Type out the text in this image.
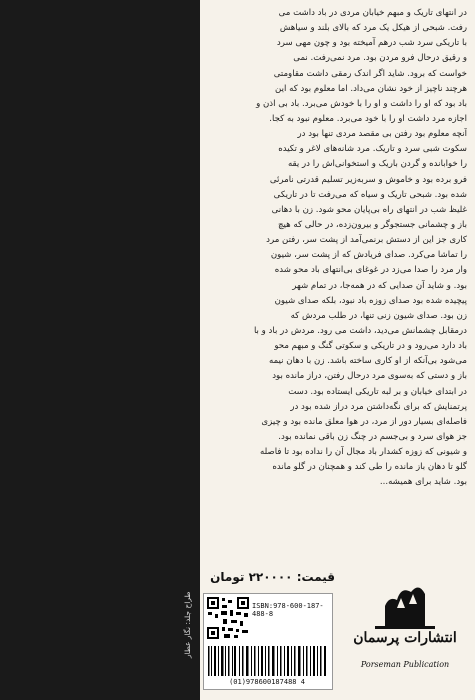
در انتهای تاریک و مبهم خیابان مردی در باد داشت می
رفت. شبحی از هیکل یک مرد که بالای بلند و سیاهش
با تاریکی سرد شب درهم آمیخته بود و چون مهی سرد
و رقیق درحال فرو مردن بود. مرد نمی‌رفت. نمی
خواست که برود. شاید اگر اندک رمقی داشت مقاومتی
هرچند ناچیز از خود نشان می‌داد. اما معلوم بود که این
باد بود که او را داشت و او را با خودش می‌برد. باد بی اذن و
اجازه مرد داشت او را با خود می‌برد. معلوم نبود به کجا.
آنچه معلوم بود رفتن بی مقصد مردی تنها بود در
سکوت شبی سرد و تاریک. مرد شانه‌های لاغر و تکیده
را خوابانده و گردن باریک و استخوانی‌اش را در یقه
فرو برده بود و خاموش و سربه‌زیر تسلیم قدرتی نامرئی
شده بود. شبحی تاریک و سیاه که می‌رفت تا در تاریکی
غلیظ شب در انتهای راه بی‌پایان محو شود. زن با دهانی
باز و چشمانی جستجوگر و بیرون‌زده، در حالی که هیچ
کاری جز این از دستش برنمی‌آمد از پشت سر، رفتن مرد
را تماشا می‌کرد. صدای فریادش که از پشت سر، شیون
وار مرد را صدا می‌زد در غوغای بی‌انتهای باد محو شده
بود. و شاید آن صدایی که در همه‌جا، در تمام شهر
پیچیده شده بود صدای زوزه باد نبود، بلکه صدای شیون
زن بود. صدای شیون زنی تنها، در طلب مردش که
درمقابل چشمانش می‌دید، داشت می رود. مردش در باد و با
باد دارد می‌رود و در تاریکی و سکوتی گنگ و مبهم محو
می‌شود بی‌آنکه از او کاری ساخته باشد. زن با دهان نیمه
باز و دستی که به‌سوی مرد درحال رفتن، دراز مانده بود
در ابتدای خیابان و بر لبه تاریکی ایستاده بود. دست
پرتمنایش که برای نگه‌داشتن مرد دراز شده بود در
فاصله‌ای بسیار دور از مرد، در هوا معلق مانده بود و چیزی
جز هوای سرد و بی‌جسم در چنگ زن باقی نمانده بود.
و شیونی که زوزه کشدار باد مجال آن را نداده بود تا فاصله
گلو تا دهان باز مانده را طی کند و همچنان در گلو مانده
بود. شاید برای همیشه...
طراح جلد: نگار عطار
قیمت: ۲۲۰۰۰۰ تومان
ISBN:978-600-187-488-8
(01)978600187488 4
انتشارات پرسمان
Porseman Publication
